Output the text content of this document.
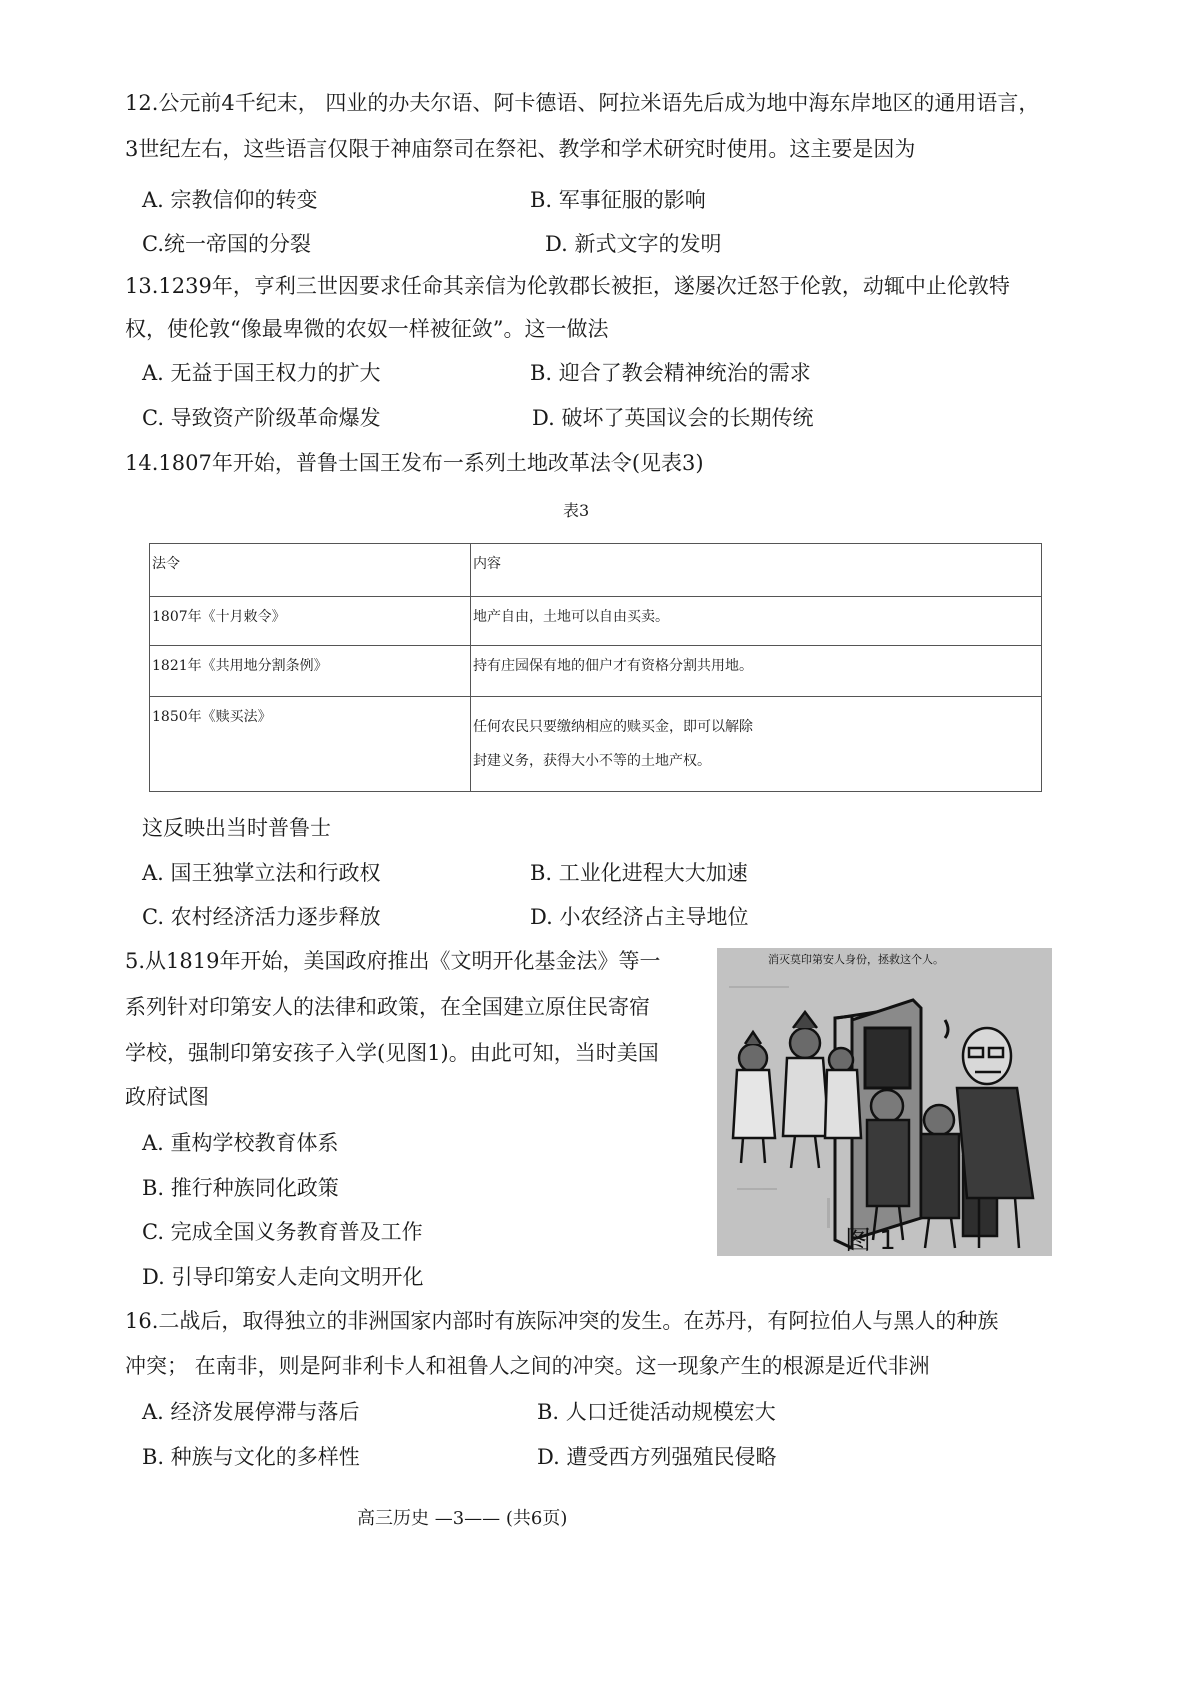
12.公元前4千纪末， 四业的办夫尔语、阿卡德语、阿拉米语先后成为地中海东岸地区的通用语言，
3世纪左右，这些语言仅限于神庙祭司在祭祀、教学和学术研究时使用。这主要是因为
A. 宗教信仰的转变	B. 军事征服的影响
C.统一帝国的分裂	D. 新式文字的发明
13.1239年，亨利三世因要求任命其亲信为伦敦郡长被拒，遂屡次迁怒于伦敦，动辄中止伦敦特
权，使伦敦“像最卑微的农奴一样被征敛”。这一做法
A. 无益于国王权力的扩大	B. 迎合了教会精神统治的需求
C. 导致资产阶级革命爆发	D. 破坏了英国议会的长期传统
14.1807年开始，普鲁士国王发布一系列土地改革法令(见表3)
表3
法令	内容
1807年《十月敕令》	地产自由，土地可以自由买卖。
1821年《共用地分割条例》	持有庄园保有地的佃户才有资格分割共用地。
1850年《赎买法》	任何农民只要缴纳相应的赎买金，即可以解除
封建义务，获得大小不等的土地产权。
这反映出当时普鲁士
A. 国王独掌立法和行政权	B. 工业化进程大大加速
C. 农村经济活力逐步释放	D. 小农经济占主导地位
5.从1819年开始，美国政府推出《文明开化基金法》等一
系列针对印第安人的法律和政策，在全国建立原住民寄宿
学校，强制印第安孩子入学(见图1)。由此可知，当时美国
政府试图
A. 重构学校教育体系
B. 推行种族同化政策
C. 完成全国义务教育普及工作
D. 引导印第安人走向文明开化
消灭莫印第安人身份，拯救这个人。
图 1
16.二战后，取得独立的非洲国家内部时有族际冲突的发生。在苏丹，有阿拉伯人与黑人的种族
冲突； 在南非，则是阿非利卡人和祖鲁人之间的冲突。这一现象产生的根源是近代非洲
A. 经济发展停滞与落后	B. 人口迁徙活动规模宏大
B. 种族与文化的多样性	D. 遭受西方列强殖民侵略
高三历史 —3—— (共6页)
